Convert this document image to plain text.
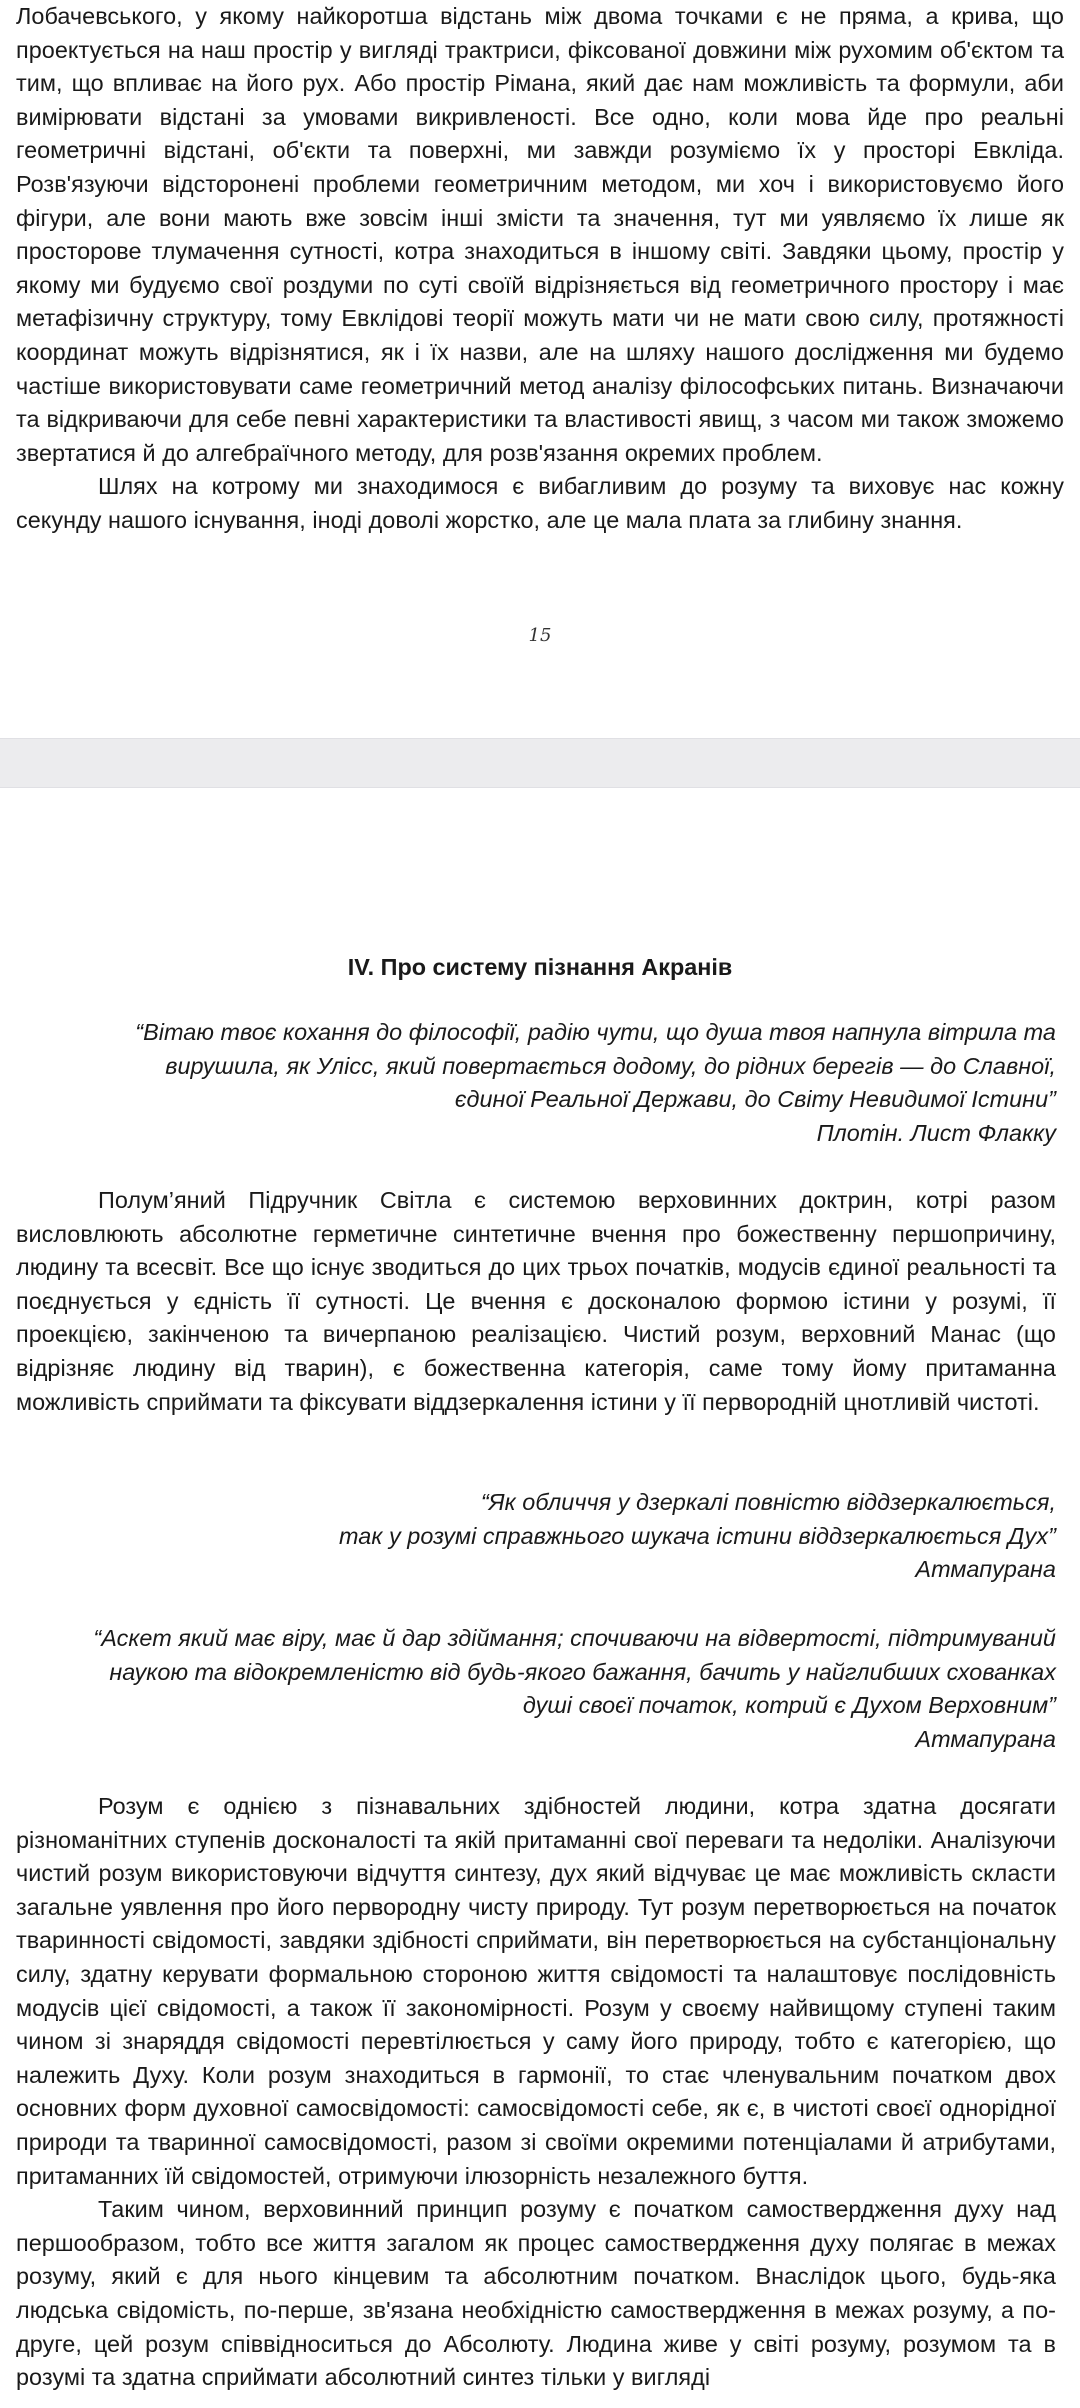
Лобачевського, у якому найкоротша відстань між двома точками є не пряма, а крива, що проектується на наш простір у вигляді трактриси, фіксованої довжини між рухомим об'єктом та тим, що впливає на його рух. Або простір Рімана, який дає нам можливість та формули, аби вимірювати відстані за умовами викривленості. Все одно, коли мова йде про реальні геометричні відстані, об'єкти та поверхні, ми завжди розуміємо їх у просторі Евкліда. Розв'язуючи відсторонені проблеми геометричним методом, ми хоч і використовуємо його фігури, але вони мають вже зовсім інші змісти та значення, тут ми уявляємо їх лише як просторове тлумачення сутності, котра знаходиться в іншому світі. Завдяки цьому, простір у якому ми будуємо свої роздуми по суті своїй відрізняється від геометричного простору і має метафізичну структуру, тому Евклідові теорії можуть мати чи не мати свою силу, протяжності координат можуть відрізнятися, як і їх назви, але на шляху нашого дослідження ми будемо частіше використовувати саме геометричний метод аналізу філософських питань. Визначаючи та відкриваючи для себе певні характеристики та властивості явищ, з часом ми також зможемо звертатися й до алгебраїчного методу, для розв'язання окремих проблем.

Шлях на котрому ми знаходимося є вибагливим до розуму та виховує нас кожну секунду нашого існування, іноді доволі жорстко, але це мала плата за глибину знання.

15
IV. Про систему пізнання Акранів

“Вітаю твоє кохання до філософії, радію чути, що душа твоя напнула вітрила та
вирушила, як Улісс, який повертається додому, до рідних берегів — до Славної,
єдиної Реальної Держави, до Світу Невидимої Істини”
Плотін. Лист Флакку

Полум’яний Підручник Світла є системою верховинних доктрин, котрі разом висловлюють абсолютне герметичне синтетичне вчення про божественну першопричину, людину та всесвіт. Все що існує зводиться до цих трьох початків, модусів єдиної реальності та поєднується у єдність її сутності. Це вчення є досконалою формою істини у розумі, її проекцією, закінченою та вичерпаною реалізацією. Чистий розум, верховний Манас (що відрізняє людину від тварин), є божественна категорія, саме тому йому притаманна можливість сприймати та фіксувати віддзеркалення істини у її первородній цнотливій чистоті.

“Як обличчя у дзеркалі повністю віддзеркалюється,
так у розумі справжнього шукача істини віддзеркалюється Дух”
Атмапурана

“Аскет який має віру, має й дар здіймання; спочиваючи на відвертості, підтримуваний
наукою та відокремленістю від будь-якого бажання, бачить у найглибших схованках
душі своєї початок, котрий є Духом Верховним”
Атмапурана

Розум є однією з пізнавальних здібностей людини, котра здатна досягати різноманітних ступенів досконалості та якій притаманні свої переваги та недоліки. Аналізуючи чистий розум використовуючи відчуття синтезу, дух який відчуває це має можливість скласти загальне уявлення про його первородну чисту природу. Тут розум перетворюється на початок тваринності свідомості, завдяки здібності сприймати, він перетворюється на субстанціональну силу, здатну керувати формальною стороною життя свідомості та налаштовує послідовність модусів цієї свідомості, а також її закономірності. Розум у своєму найвищому ступені таким чином зі знаряддя свідомості перевтілюється у саму його природу, тобто є категорією, що належить Духу. Коли розум знаходиться в гармонії, то стає членувальним початком двох основних форм духовної самосвідомості: самосвідомості себе, як є, в чистоті своєї однорідної природи та тваринної самосвідомості, разом зі своїми окремими потенціалами й атрибутами, притаманних їй свідомостей, отримуючи ілюзорність незалежного буття.

Таким чином, верховинний принцип розуму є початком самоствердження духу над першообразом, тобто все життя загалом як процес самоствердження духу полягає в межах розуму, який є для нього кінцевим та абсолютним початком. Внаслідок цього, будь-яка людська свідомість, по-перше, зв'язана необхідністю самоствердження в межах розуму, а по-друге, цей розум співвідноситься до Абсолюту. Людина живе у світі розуму, розумом та в розумі та здатна сприймати абсолютний синтез тільки у вигляді
